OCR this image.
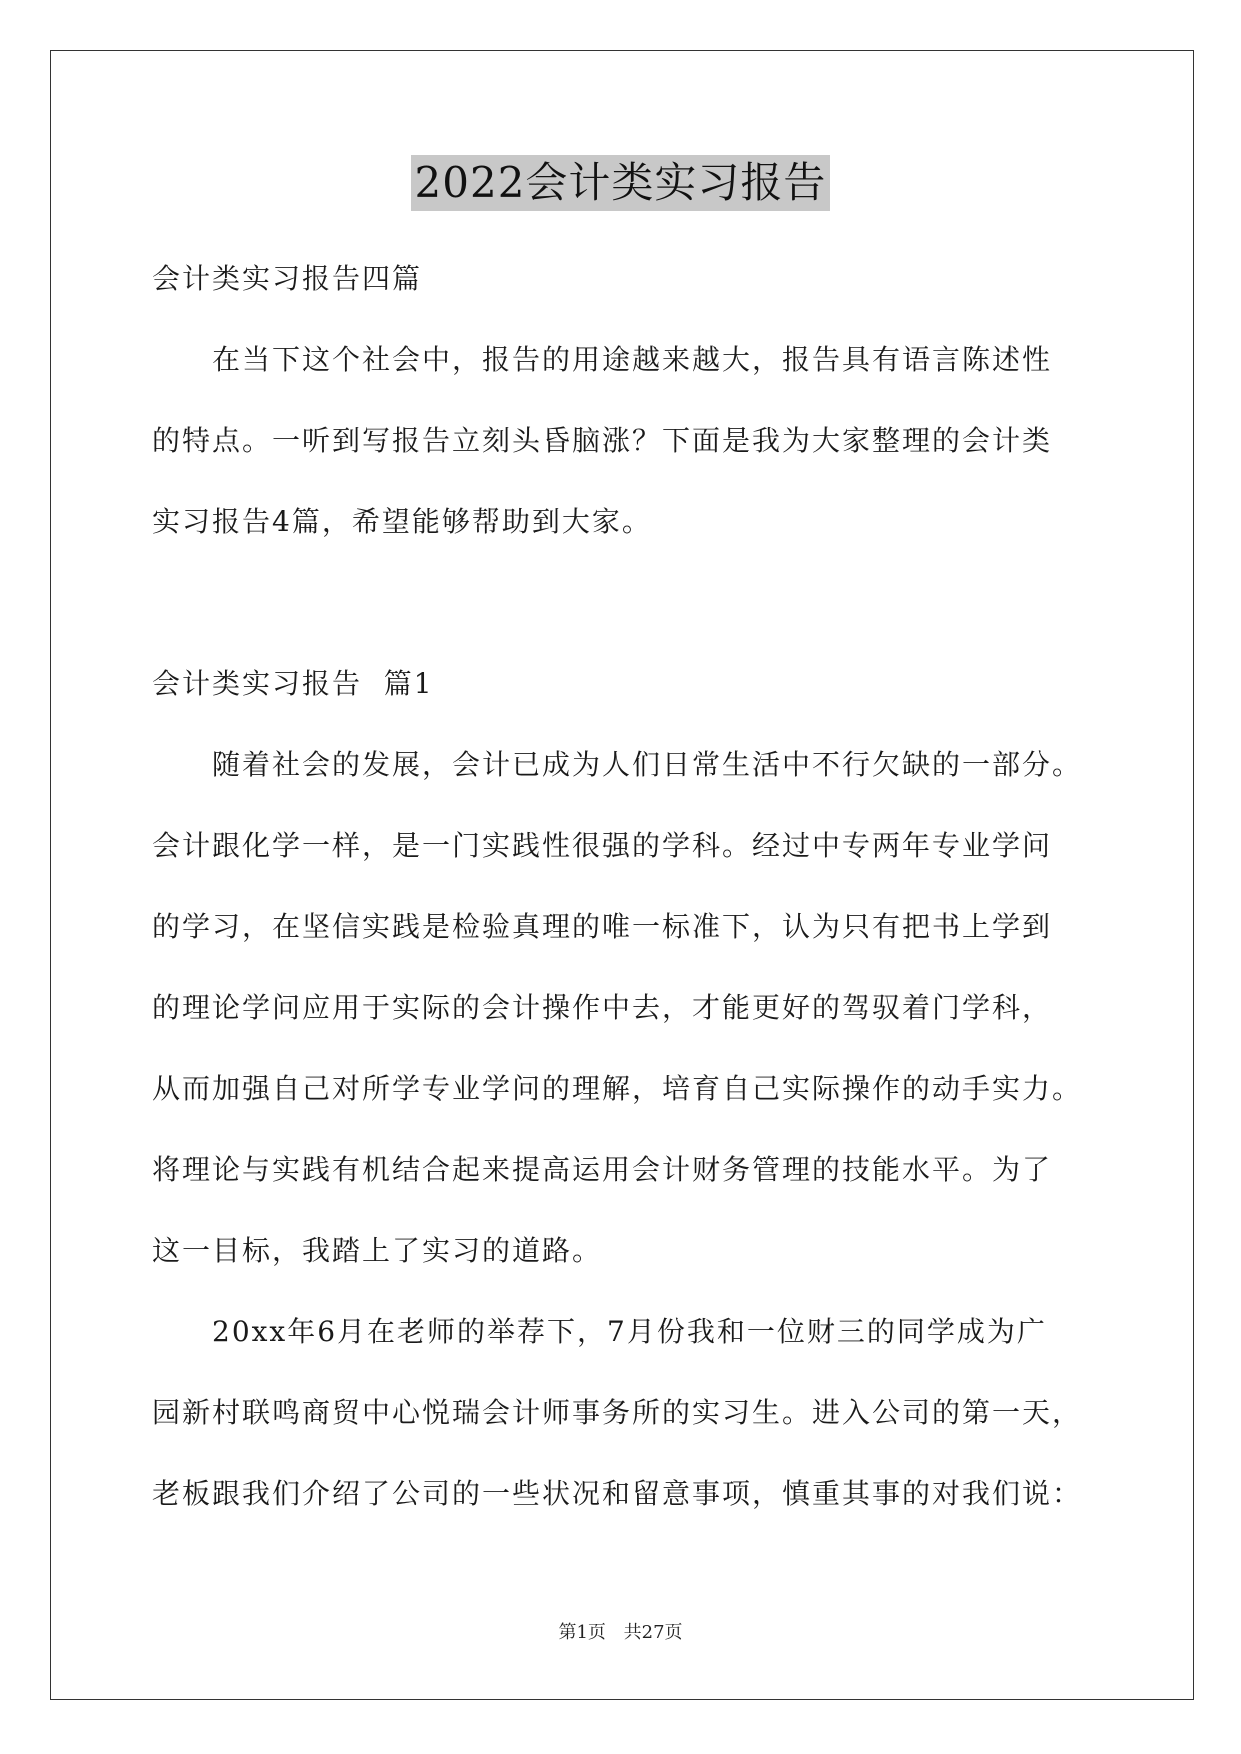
2022会计类实习报告
会计类实习报告四篇
在当下这个社会中，报告的用途越来越大，报告具有语言陈述性
的特点。一听到写报告立刻头昏脑涨？下面是我为大家整理的会计类
实习报告4篇，希望能够帮助到大家。
会计类实习报告  篇1
随着社会的发展，会计已成为人们日常生活中不行欠缺的一部分。
会计跟化学一样，是一门实践性很强的学科。经过中专两年专业学问
的学习，在坚信实践是检验真理的唯一标准下，认为只有把书上学到
的理论学问应用于实际的会计操作中去，才能更好的驾驭着门学科，
从而加强自己对所学专业学问的理解，培育自己实际操作的动手实力。
将理论与实践有机结合起来提高运用会计财务管理的技能水平。为了
这一目标，我踏上了实习的道路。
20xx年6月在老师的举荐下，7月份我和一位财三的同学成为广
园新村联鸣商贸中心悦瑞会计师事务所的实习生。进入公司的第一天，
老板跟我们介绍了公司的一些状况和留意事项，慎重其事的对我们说：
第1页 共27页
